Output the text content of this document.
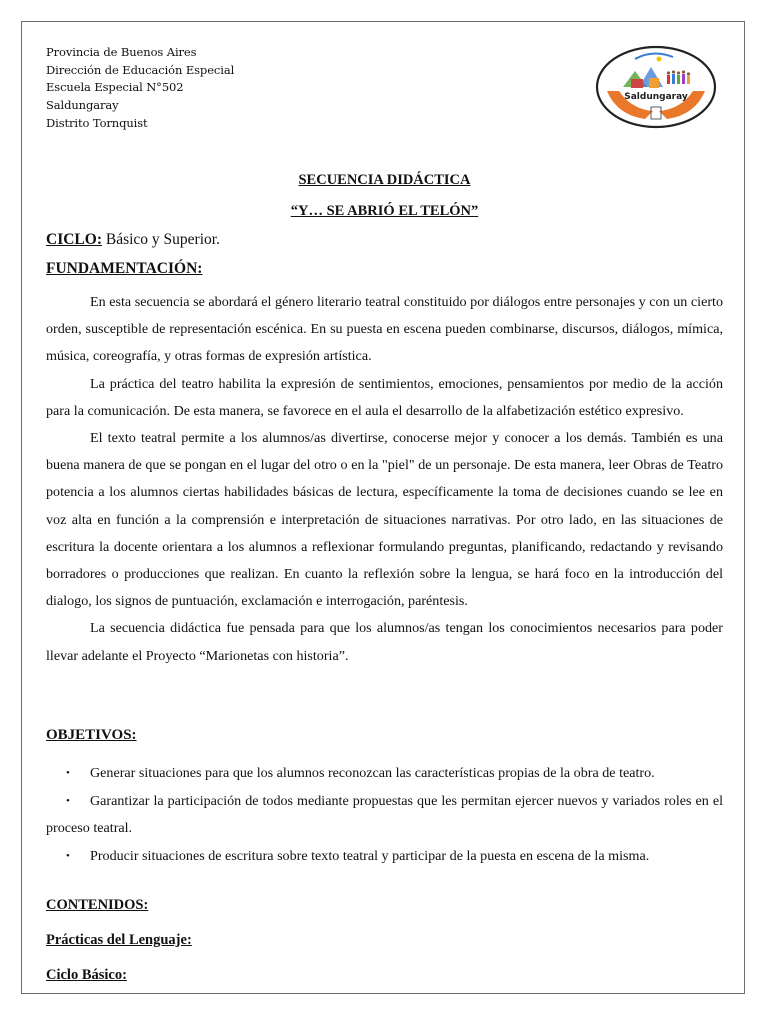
Provincia de Buenos Aires
Dirección de Educación Especial
Escuela Especial N°502
Saldungaray
Distrito Tornquist
SECUENCIA DIDÁCTICA
“Y… SE ABRIÓ EL TELÓN”
CICLO: Básico y Superior.
FUNDAMENTACIÓN:

En esta secuencia se abordará el género literario teatral constituido por diálogos entre personajes y con un cierto orden, susceptible de representación escénica. En su puesta en escena pueden combinarse, discursos, diálogos, mímica, música, coreografía, y otras formas de expresión artística.

La práctica del teatro habilita la expresión de sentimientos, emociones, pensamientos por medio de la acción para la comunicación. De esta manera, se favorece en el aula el desarrollo de la alfabetización estético expresivo.

El texto teatral permite a los alumnos/as divertirse, conocerse mejor y conocer a los demás. También es una buena manera de que se pongan en el lugar del otro o en la "piel" de un personaje. De esta manera, leer Obras de Teatro potencia a los alumnos ciertas habilidades básicas de lectura, específicamente la toma de decisiones cuando se lee en voz alta en función a la comprensión e interpretación de situaciones narrativas. Por otro lado, en las situaciones de escritura la docente orientara a los alumnos a reflexionar formulando preguntas, planificando, redactando y revisando borradores o producciones que realizan. En cuanto la reflexión sobre la lengua, se hará foco en la introducción del dialogo, los signos de puntuación, exclamación e interrogación, paréntesis.

La secuencia didáctica fue pensada para que los alumnos/as tengan los conocimientos necesarios para poder llevar adelante el Proyecto “Marionetas con historia”.

OBJETIVOS:
• Generar situaciones para que los alumnos reconozcan las características propias de la obra de teatro.
• Garantizar la participación de todos mediante propuestas que les permitan ejercer nuevos y variados roles en el proceso teatral.
• Producir situaciones de escritura sobre texto teatral y participar de la puesta en escena de la misma.
CONTENIDOS:
Prácticas del Lenguaje:
Ciclo Básico:
Saldungaray
